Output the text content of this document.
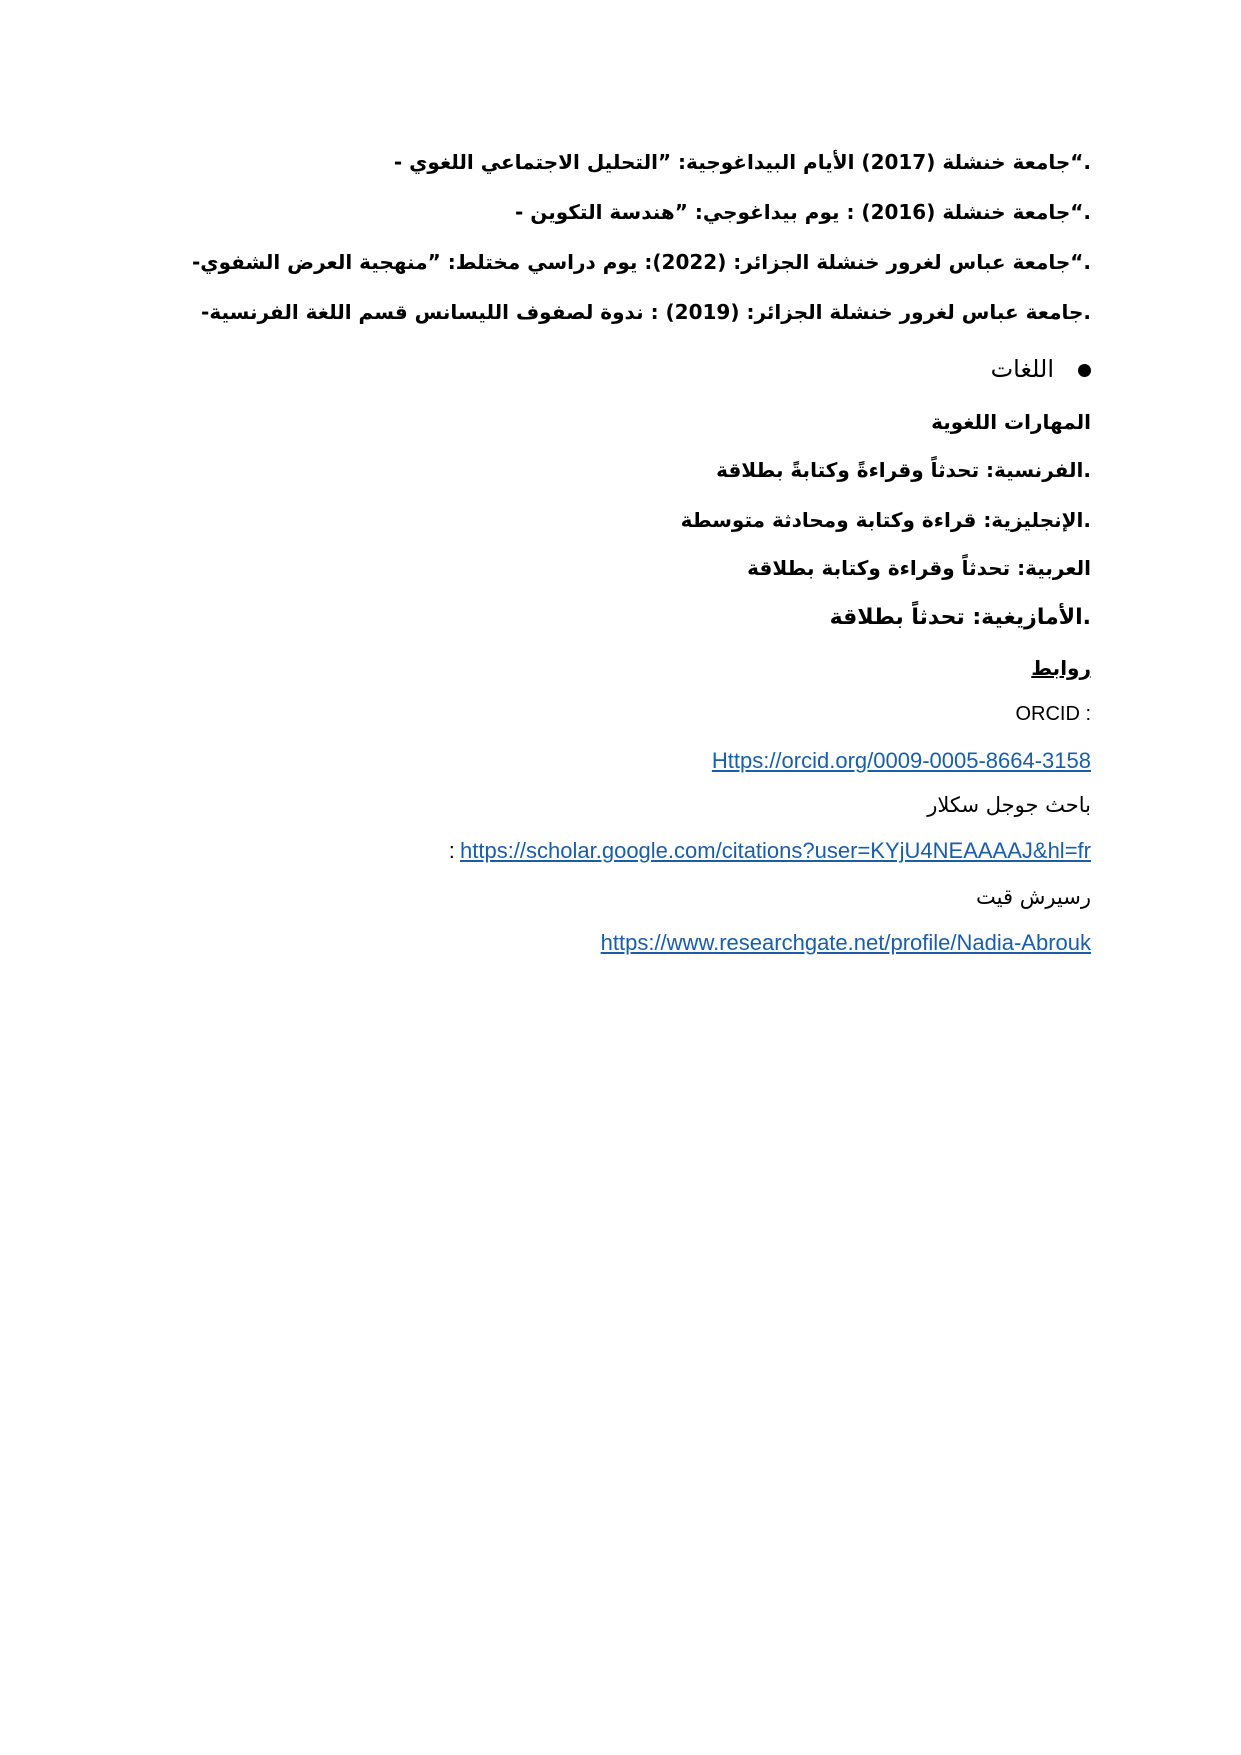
.“جامعة خنشلة (2017) الأيام البيداغوجية: ”التحليل الاجتماعي اللغوي -
.“جامعة خنشلة (2016) : يوم بيداغوجي: ”هندسة التكوين -
.“جامعة عباس لغرور خنشلة الجزائر: (2022): يوم دراسي مختلط: ”منهجية العرض الشفوي-
.جامعة عباس لغرور خنشلة الجزائر: (2019) : ندوة لصفوف الليسانس قسم اللغة الفرنسية-
اللغات
المهارات اللغوية
.الفرنسية: تحدثاً وقراءةً وكتابةً بطلاقة
.الإنجليزية: قراءة وكتابة ومحادثة متوسطة
العربية: تحدثاً وقراءة وكتابة بطلاقة
.الأمازيغية: تحدثاً بطلاقة
روابط
ORCID :
Https://orcid.org/0009-0005-8664-3158
باحث جوجل سكلار
: https://scholar.google.com/citations?user=KYjU4NEAAAAJ&hl=fr
رسيرش قيت
https://www.researchgate.net/profile/Nadia-Abrouk
